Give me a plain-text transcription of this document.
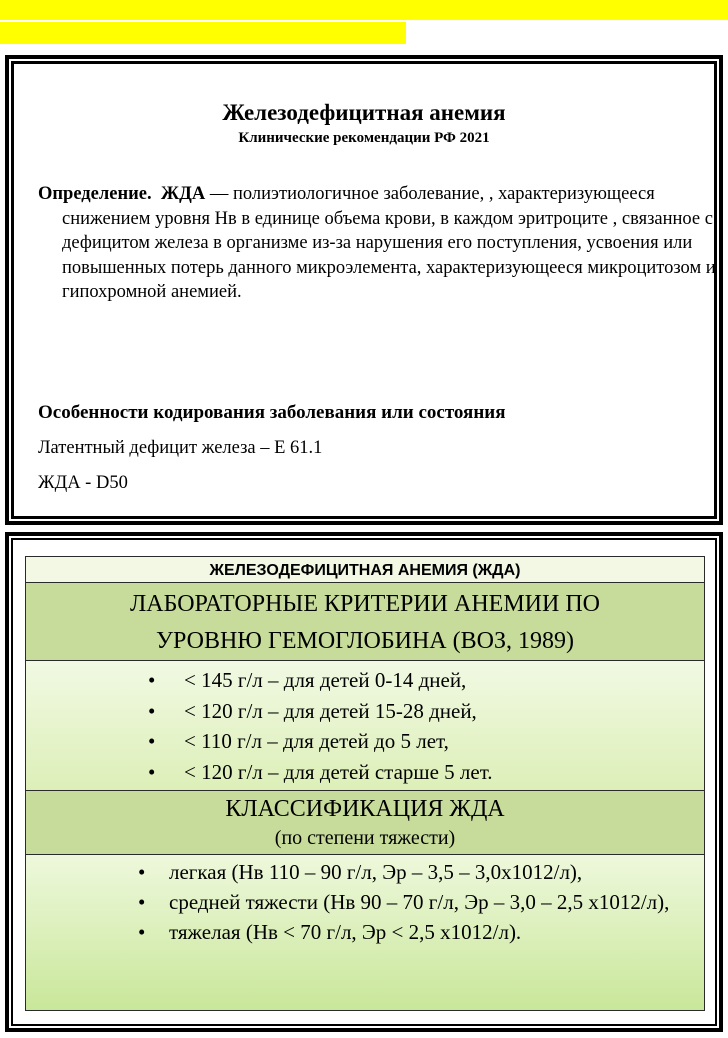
Железодефицитная анемия
Клинические рекомендации РФ 2021
Определение. ЖДА — полиэтиологичное заболевание, , характеризующееся снижением уровня Нв в единице объема крови, в каждом эритроците , связанное с дефицитом железа в организме из-за нарушения его поступления, усвоения или повышенных потерь данного микроэлемента, характеризующееся микроцитозом и гипохромной анемией.
Особенности кодирования заболевания или состояния
Латентный дефицит железа – Е 61.1
ЖДА - D50
ЖЕЛЕЗОДЕФИЦИТНАЯ АНЕМИЯ (ЖДА)
ЛАБОРАТОРНЫЕ КРИТЕРИИ АНЕМИИ ПО
УРОВНЮ ГЕМОГЛОБИНА (ВОЗ, 1989)
• < 145 г/л – для детей 0-14 дней,
• < 120 г/л – для детей 15-28 дней,
• < 110 г/л – для детей до 5 лет,
• < 120 г/л – для детей старше 5 лет.
КЛАССИФИКАЦИЯ ЖДА
(по степени тяжести)
• легкая (Нв 110 – 90 г/л, Эр – 3,5 – 3,0х1012/л),
• средней тяжести (Нв 90 – 70 г/л, Эр – 3,0 – 2,5 х1012/л),
• тяжелая (Нв < 70 г/л, Эр < 2,5 х1012/л).
